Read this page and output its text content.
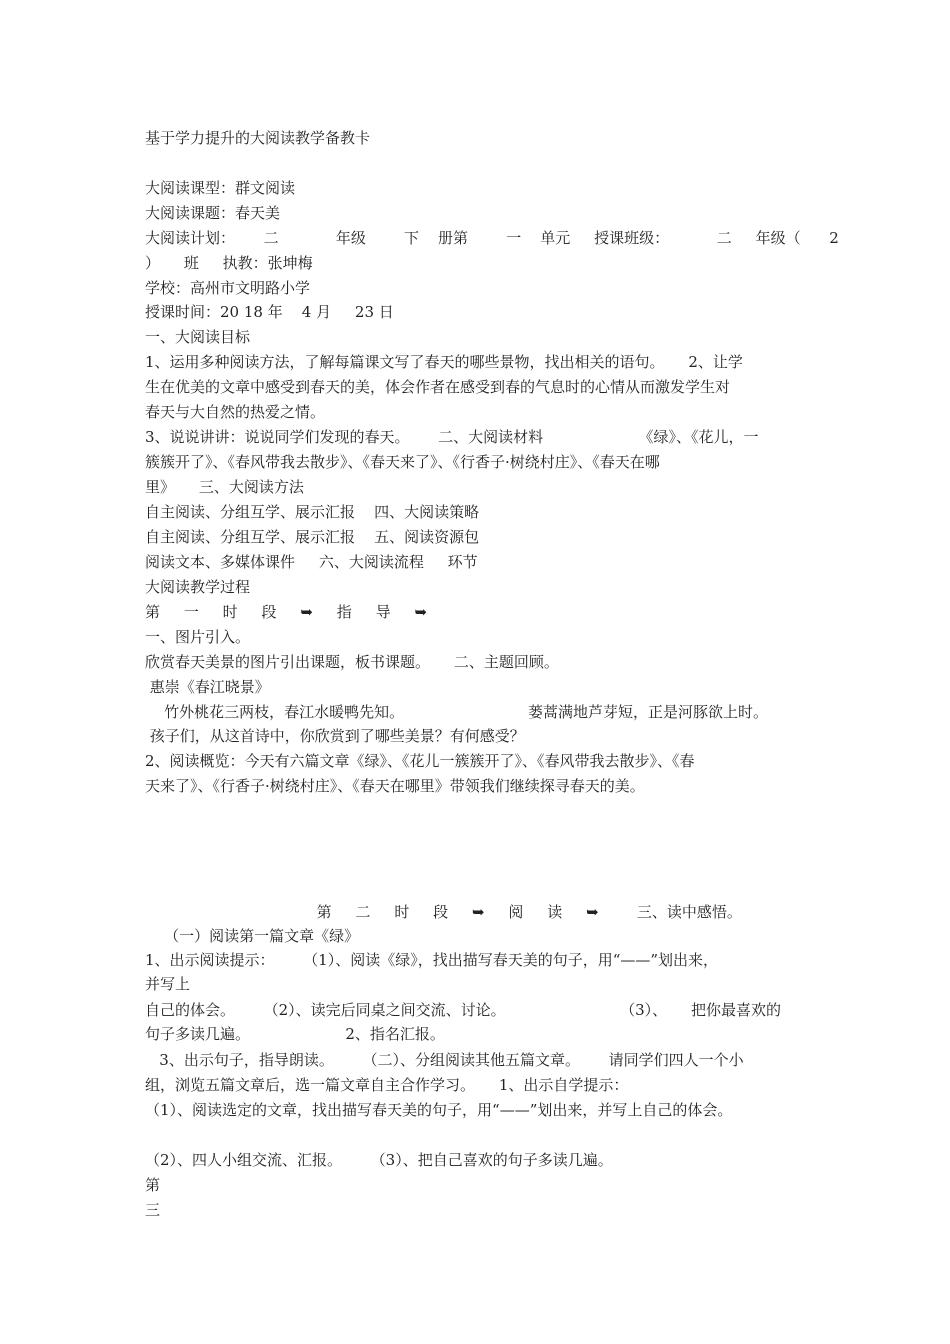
基于学力提升的大阅读教学备教卡
大阅读课型：群文阅读
大阅读课题：春天美
大阅读计划：      二            年级        下    册第        一    单元     授课班级：          二     年级（      2
）     班     执教：张坤梅
学校：高州市文明路小学
授课时间：20 18 年    4 月     23 日
一、大阅读目标
1、运用多种阅读方法，了解每篇课文写了春天的哪些景物，找出相关的语句。     2、让学
生在优美的文章中感受到春天的美，体会作者在感受到春的气息时的心情从而激发学生对
春天与大自然的热爱之情。
3、说说讲讲：说说同学们发现的春天。      二、大阅读材料                    《绿》、《花儿，一
簇簇开了》、《春风带我去散步》、《春天来了》、《行香子·树绕村庄》、《春天在哪
里》     三、大阅读方法
自主阅读、分组互学、展示汇报    四、大阅读策略
自主阅读、分组互学、展示汇报    五、阅读资源包
阅读文本、多媒体课件     六、大阅读流程     环节
大阅读教学过程
第     一     时     段     ➥     指     导     ➥
一、图片引入。
欣赏春天美景的图片引出课题，板书课题。     二、主题回顾。
惠崇《春江晓景》
竹外桃花三两枝，春江水暖鸭先知。                          蒌蒿满地芦芽短，正是河豚欲上时。
孩子们，从这首诗中，你欣赏到了哪些美景？有何感受？
2、阅读概览：今天有六篇文章《绿》、《花儿一簇簇开了》、《春风带我去散步》、《春
天来了》、《行香子·树绕村庄》、《春天在哪里》带领我们继续探寻春天的美。
第     二     时     段     ➥     阅     读     ➥        三、读中感悟。
（一）阅读第一篇文章《绿》
1、出示阅读提示：      （1）、阅读《绿》，找出描写春天美的句子，用“——”划出来，
并写上
自己的体会。      （2）、读完后同桌之间交流、讨论。                        （3）、     把你最喜欢的
句子多读几遍。                    2、指名汇报。
3、出示句子，指导朗读。      （二）、分组阅读其他五篇文章。      请同学们四人一个小
组，浏览五篇文章后，选一篇文章自主合作学习。     1、出示自学提示：
（1）、阅读选定的文章，找出描写春天美的句子，用“——”划出来，并写上自己的体会。
（2）、四人小组交流、汇报。      （3）、把自己喜欢的句子多读几遍。
第
三
